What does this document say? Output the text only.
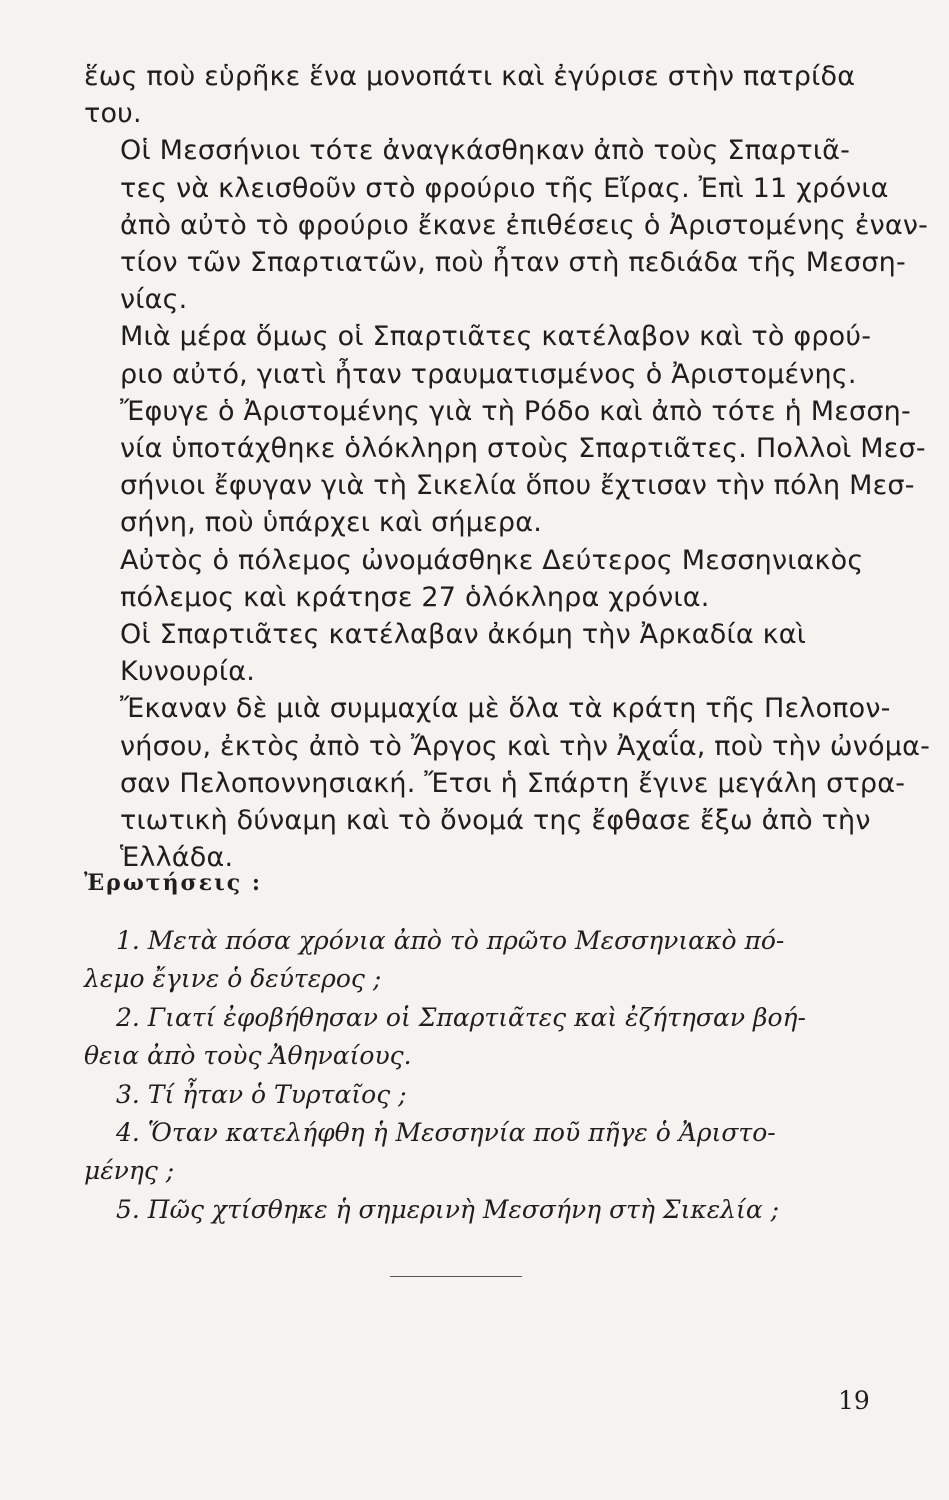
ἕως ποὺ εὑρῆκε ἕνα μονοπάτι καὶ ἐγύρισε στὴν πατρίδα
του.

Οἱ Μεσσήνιοι τότε ἀναγκάσθηκαν ἀπὸ τοὺς Σπαρτιᾶ-
τες νὰ κλεισθοῦν στὸ φρούριο τῆς Εἴρας. Ἐπὶ 11 χρόνια
ἀπὸ αὐτὸ τὸ φρούριο ἔκανε ἐπιθέσεις ὁ Ἀριστομένης ἐναν-
τίον τῶν Σπαρτιατῶν, ποὺ ἦταν στὴ πεδιάδα τῆς Μεσση-
νίας.

Μιὰ μέρα ὅμως οἱ Σπαρτιᾶτες κατέλαβον καὶ τὸ φρού-
ριο αὐτό, γιατὶ ἦταν τραυματισμένος ὁ Ἀριστομένης.
Ἔφυγε ὁ Ἀριστομένης γιὰ τὴ Ρόδο καὶ ἀπὸ τότε ἡ Μεσση-
νία ὑποτάχθηκε ὁλόκληρη στοὺς Σπαρτιᾶτες. Πολλοὶ Μεσ-
σήνιοι ἔφυγαν γιὰ τὴ Σικελία ὅπου ἔχτισαν τὴν πόλη Μεσ-
σήνη, ποὺ ὑπάρχει καὶ σήμερα.

Αὐτὸς ὁ πόλεμος ὠνομάσθηκε Δεύτερος Μεσσηνιακὸς
πόλεμος καὶ κράτησε 27 ὁλόκληρα χρόνια.

Οἱ Σπαρτιᾶτες κατέλαβαν ἀκόμη τὴν Ἀρκαδία καὶ
Κυνουρία.

Ἔκαναν δὲ μιὰ συμμαχία μὲ ὅλα τὰ κράτη τῆς Πελοπον-
νήσου, ἐκτὸς ἀπὸ τὸ Ἄργος καὶ τὴν Ἀχαΐα, ποὺ τὴν ὠνόμα-
σαν Πελοποννησιακή. Ἔτσι ἡ Σπάρτη ἔγινε μεγάλη στρα-
τιωτικὴ δύναμη καὶ τὸ ὄνομά της ἔφθασε ἔξω ἀπὸ τὴν
Ἑλλάδα.

Ἐρωτήσεις :
1. Μετὰ πόσα χρόνια ἀπὸ τὸ πρῶτο Μεσσηνιακὸ πό-
λεμο ἔγινε ὁ δεύτερος ;
2. Γιατί ἐφοβήθησαν οἱ Σπαρτιᾶτες καὶ ἐζήτησαν βοή-
θεια ἀπὸ τοὺς Ἀθηναίους.
3. Τί ἦταν ὁ Τυρταῖος ;
4. Ὅταν κατελήφθη ἡ Μεσσηνία ποῦ πῆγε ὁ Ἀριστο-
μένης ;
5. Πῶς χτίσθηκε ἡ σημερινὴ Μεσσήνη στὴ Σικελία ;
19
